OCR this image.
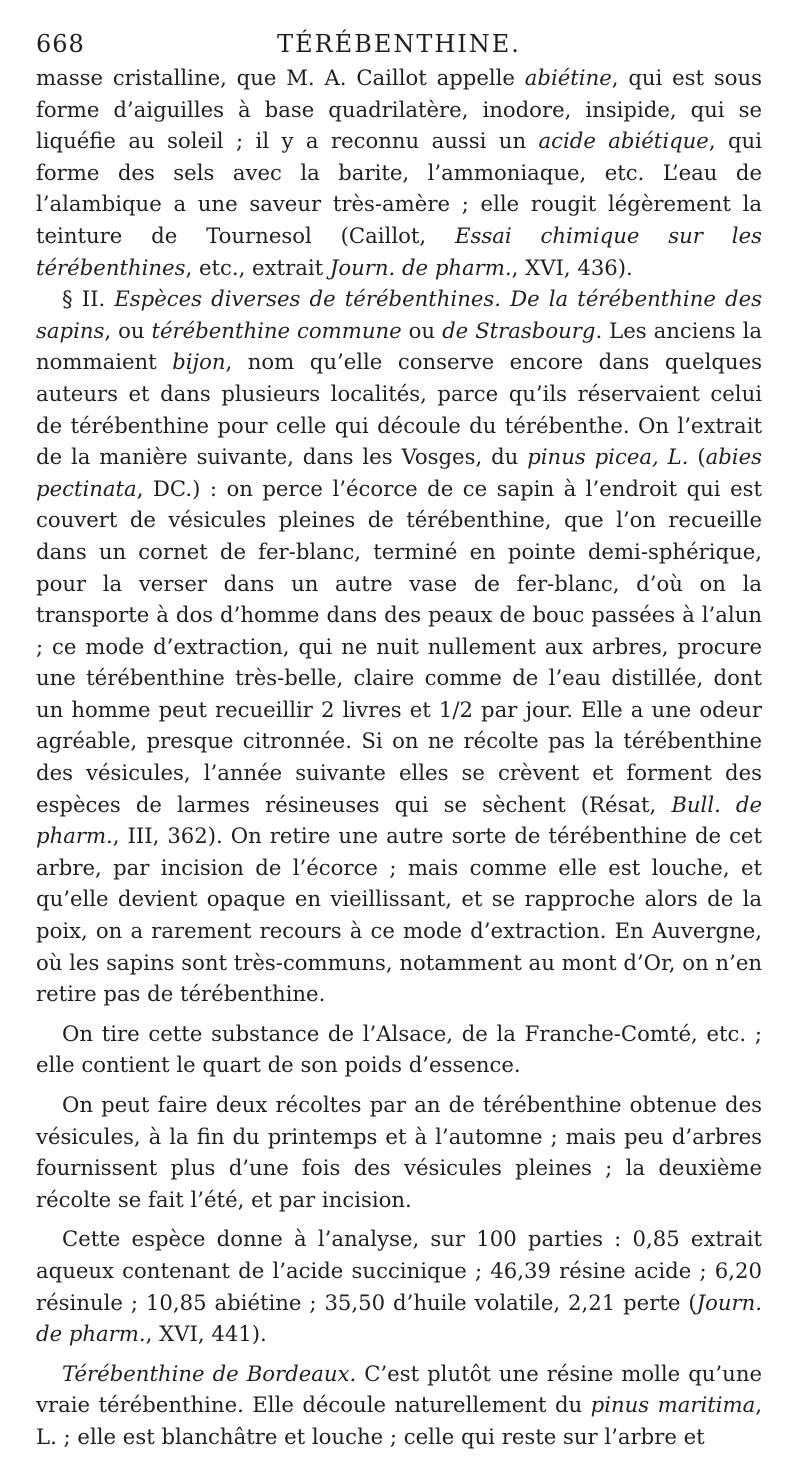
668	TÉRÉBENTHINE.

masse cristalline, que M. A. Caillot appelle abiétine, qui est sous forme d’aiguilles à base quadrilatère, inodore, insipide, qui se liquéfie au soleil ; il y a reconnu aussi un acide abiétique, qui forme des sels avec la barite, l’ammoniaque, etc. L’eau de l’alambique a une saveur très-amère ; elle rougit légèrement la teinture de Tournesol (Caillot, Essai chimique sur les térébenthines, etc., extrait Journ. de pharm., XVI, 436).

§ II. Espèces diverses de térébenthines. De la térébenthine des sapins, ou térébenthine commune ou de Strasbourg. Les anciens la nommaient bijon, nom qu’elle conserve encore dans quelques auteurs et dans plusieurs localités, parce qu’ils réservaient celui de térébenthine pour celle qui découle du térébenthe. On l’extrait de la manière suivante, dans les Vosges, du pinus picea, L. (abies pectinata, DC.) : on perce l’écorce de ce sapin à l’endroit qui est couvert de vésicules pleines de térébenthine, que l’on recueille dans un cornet de fer-blanc, terminé en pointe demi-sphérique, pour la verser dans un autre vase de fer-blanc, d’où on la transporte à dos d’homme dans des peaux de bouc passées à l’alun ; ce mode d’extraction, qui ne nuit nullement aux arbres, procure une térébenthine très-belle, claire comme de l’eau distillée, dont un homme peut recueillir 2 livres et 1/2 par jour. Elle a une odeur agréable, presque citronnée. Si on ne récolte pas la térébenthine des vésicules, l’année suivante elles se crèvent et forment des espèces de larmes résineuses qui se sèchent (Résat, Bull. de pharm., III, 362). On retire une autre sorte de térébenthine de cet arbre, par incision de l’écorce ; mais comme elle est louche, et qu’elle devient opaque en vieillissant, et se rapproche alors de la poix, on a rarement recours à ce mode d’extraction. En Auvergne, où les sapins sont très-communs, notamment au mont d’Or, on n’en retire pas de térébenthine.

On tire cette substance de l’Alsace, de la Franche-Comté, etc. ; elle contient le quart de son poids d’essence.

On peut faire deux récoltes par an de térébenthine obtenue des vésicules, à la fin du printemps et à l’automne ; mais peu d’arbres fournissent plus d’une fois des vésicules pleines ; la deuxième récolte se fait l’été, et par incision.

Cette espèce donne à l’analyse, sur 100 parties : 0,85 extrait aqueux contenant de l’acide succinique ; 46,39 résine acide ; 6,20 résinule ; 10,85 abiétine ; 35,50 d’huile volatile, 2,21 perte (Journ. de pharm., XVI, 441).

Térébenthine de Bordeaux. C’est plutôt une résine molle qu’une vraie térébenthine. Elle découle naturellement du pinus maritima, L. ; elle est blanchâtre et louche ; celle qui reste sur l’arbre et
